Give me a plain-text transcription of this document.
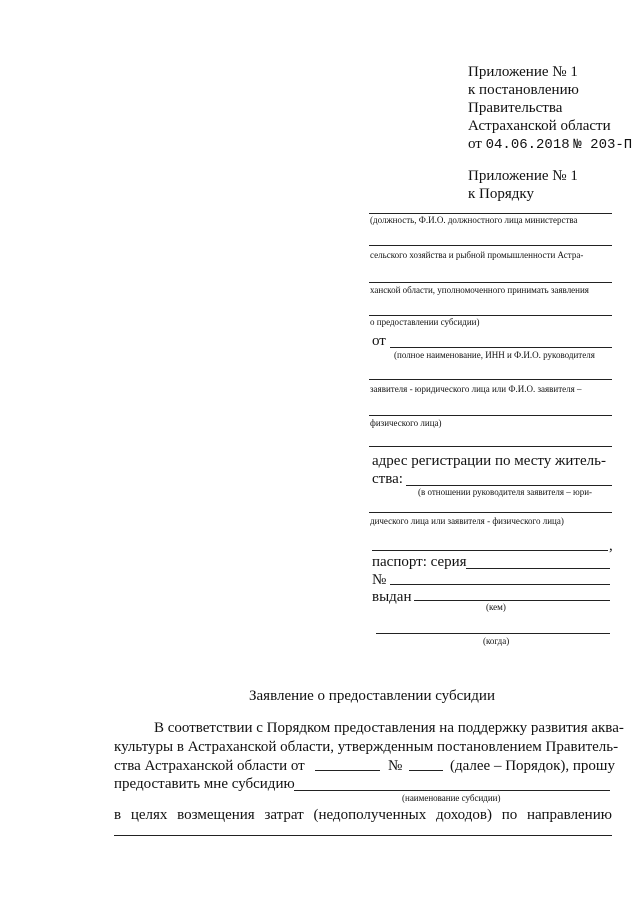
Приложение № 1
к постановлению
Правительства
Астраханской области
от 04.06.2018 № 203-П
Приложение № 1
к Порядку
(должность, Ф.И.О. должностного лица министерства
сельского хозяйства и рыбной промышленности Астра-
ханской области, уполномоченного принимать заявления
о предоставлении субсидии)
от
(полное наименование, ИНН и Ф.И.О. руководителя
заявителя - юридического лица или Ф.И.О. заявителя –
физического лица)
адрес регистрации по месту житель-
ства:
(в отношении руководителя заявителя – юри-
дического лица или заявителя - физического лица)
,
паспорт: серия
№
выдан
(кем)
(когда)
Заявление о предоставлении субсидии
В соответствии с Порядком предоставления на поддержку развития аква-
культуры в Астраханской области, утвержденным постановлением Правитель-
ства Астраханской области от	№	(далее – Порядок), прошу
предоставить мне субсидию
(наименование субсидии)
в целях возмещения затрат (недополученных доходов) по направлению
